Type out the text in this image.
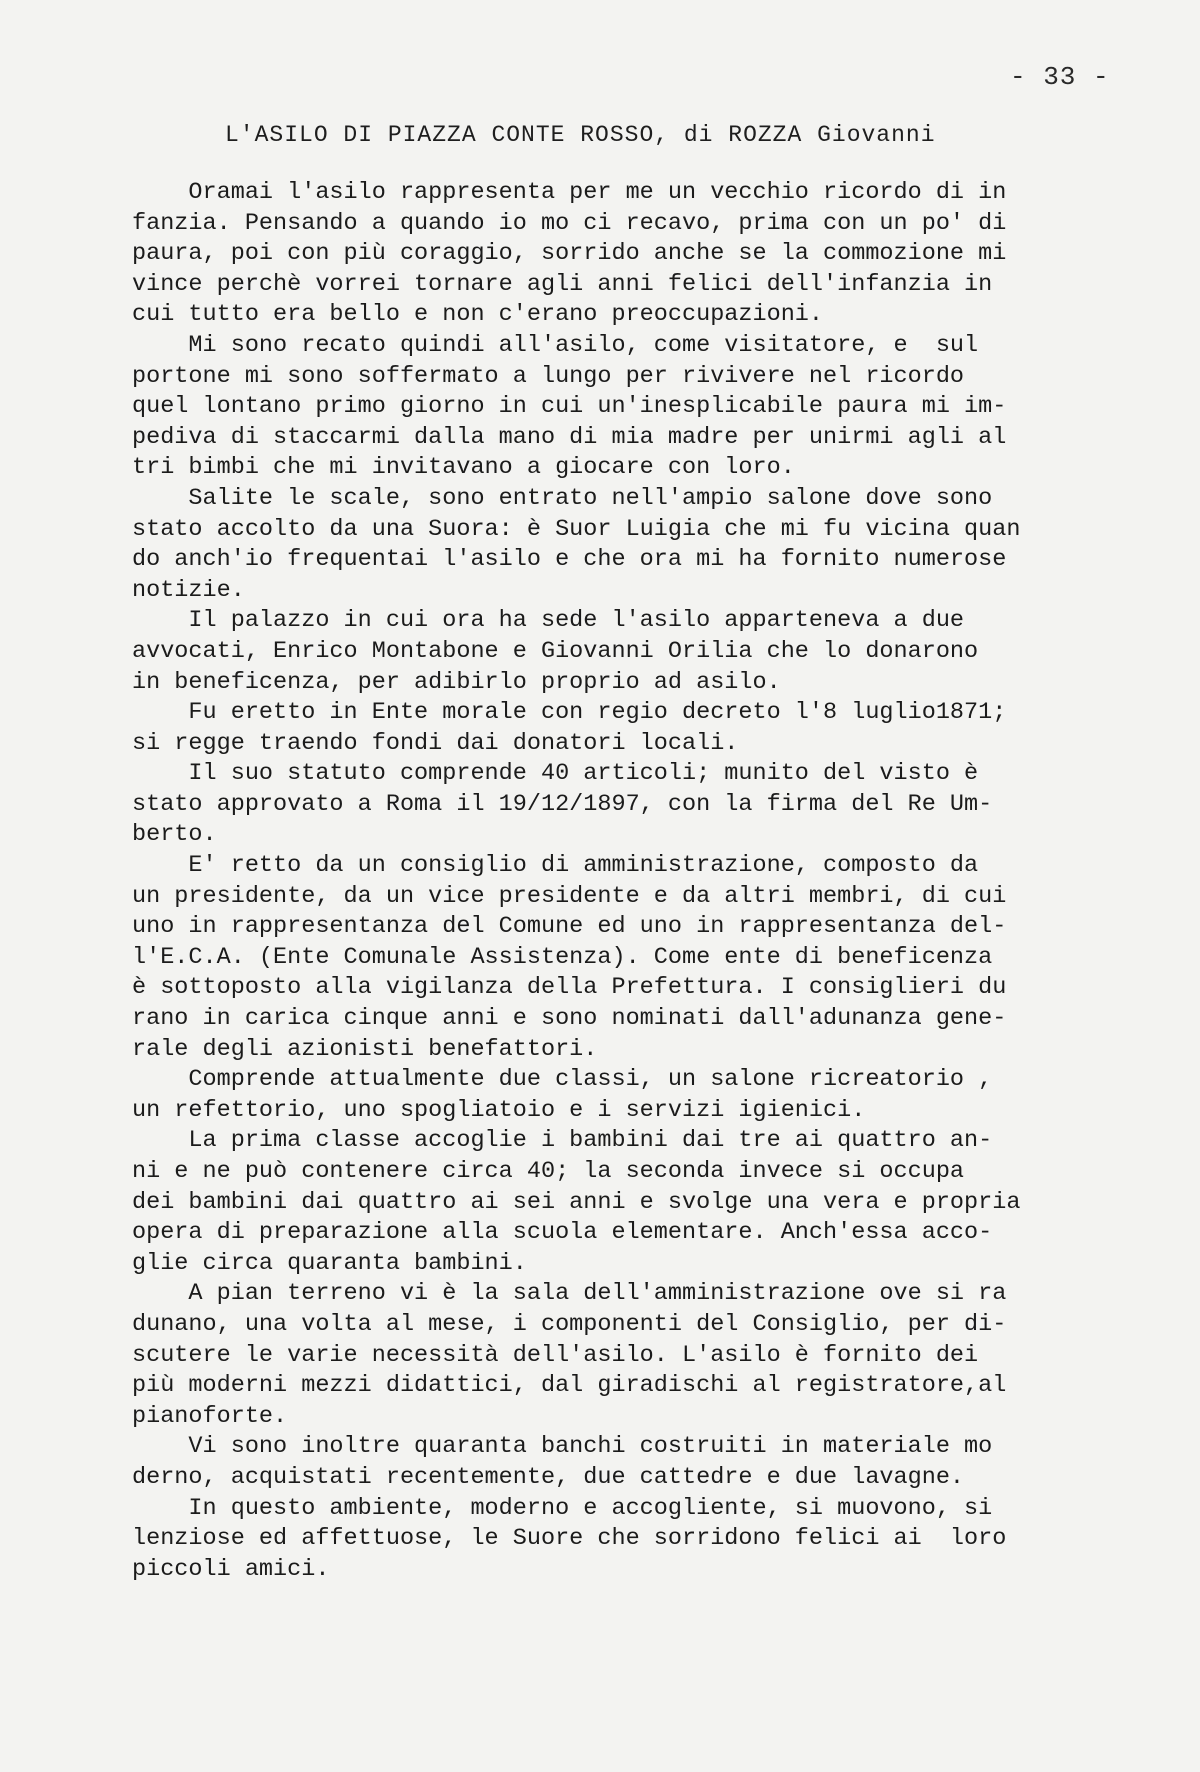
- 33 -
L'ASILO DI PIAZZA CONTE ROSSO, di ROZZA Giovanni
Oramai l'asilo rappresenta per me un vecchio ricordo di in
fanzia. Pensando a quando io mo ci recavo, prima con un po' di
paura, poi con più coraggio, sorrido anche se la commozione mi
vince perchè vorrei tornare agli anni felici dell'infanzia in
cui tutto era bello e non c'erano preoccupazioni.
Mi sono recato quindi all'asilo, come visitatore, e  sul
portone mi sono soffermato a lungo per rivivere nel ricordo
quel lontano primo giorno in cui un'inesplicabile paura mi im-
pediva di staccarmi dalla mano di mia madre per unirmi agli al
tri bimbi che mi invitavano a giocare con loro.
Salite le scale, sono entrato nell'ampio salone dove sono
stato accolto da una Suora: è Suor Luigia che mi fu vicina quan
do anch'io frequentai l'asilo e che ora mi ha fornito numerose
notizie.
Il palazzo in cui ora ha sede l'asilo apparteneva a due
avvocati, Enrico Montabone e Giovanni Orilia che lo donarono
in beneficenza, per adibirlo proprio ad asilo.
Fu eretto in Ente morale con regio decreto l'8 luglio1871;
si regge traendo fondi dai donatori locali.
Il suo statuto comprende 40 articoli; munito del visto è
stato approvato a Roma il 19/12/1897, con la firma del Re Um-
berto.
E' retto da un consiglio di amministrazione, composto da
un presidente, da un vice presidente e da altri membri, di cui
uno in rappresentanza del Comune ed uno in rappresentanza del-
l'E.C.A. (Ente Comunale Assistenza). Come ente di beneficenza
è sottoposto alla vigilanza della Prefettura. I consiglieri du
rano in carica cinque anni e sono nominati dall'adunanza gene-
rale degli azionisti benefattori.
Comprende attualmente due classi, un salone ricreatorio ,
un refettorio, uno spogliatoio e i servizi igienici.
La prima classe accoglie i bambini dai tre ai quattro an-
ni e ne può contenere circa 40; la seconda invece si occupa
dei bambini dai quattro ai sei anni e svolge una vera e propria
opera di preparazione alla scuola elementare. Anch'essa acco-
glie circa quaranta bambini.
A pian terreno vi è la sala dell'amministrazione ove si ra
dunano, una volta al mese, i componenti del Consiglio, per di-
scutere le varie necessità dell'asilo. L'asilo è fornito dei
più moderni mezzi didattici, dal giradischi al registratore,al
pianoforte.
Vi sono inoltre quaranta banchi costruiti in materiale mo
derno, acquistati recentemente, due cattedre e due lavagne.
In questo ambiente, moderno e accogliente, si muovono, si
lenziose ed affettuose, le Suore che sorridono felici ai  loro
piccoli amici.
